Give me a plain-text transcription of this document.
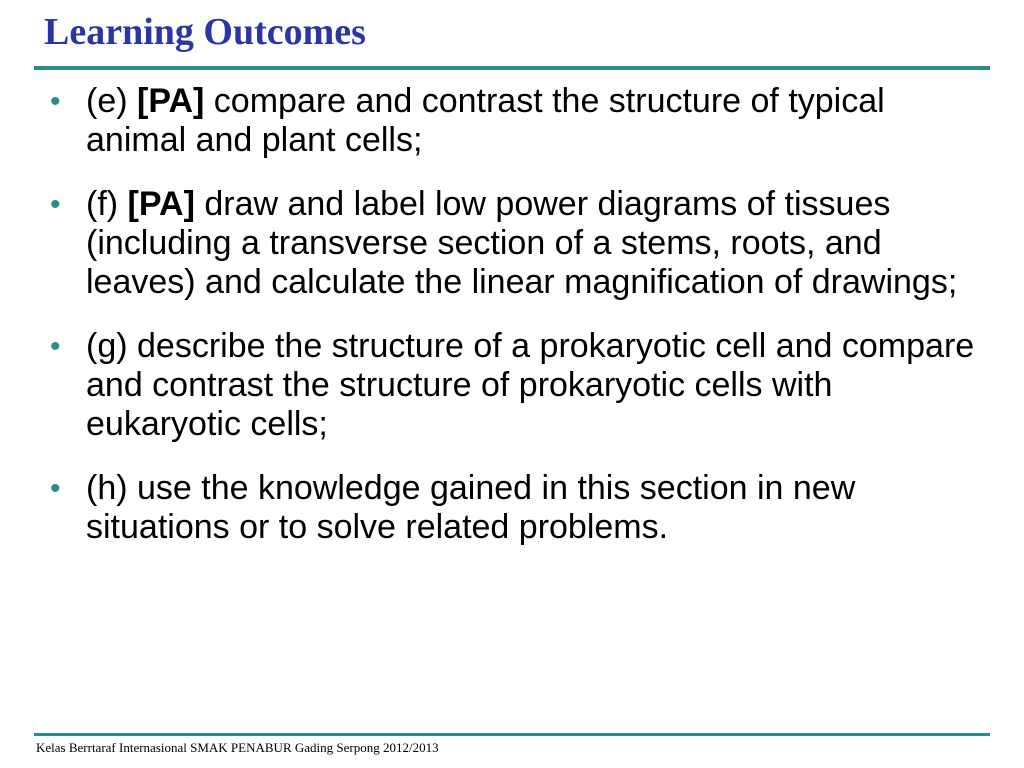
Learning Outcomes
• (e) [PA] compare and contrast the structure of typical animal and plant cells;
• (f) [PA] draw and label low power diagrams of tissues (including a transverse section of a stems, roots, and leaves) and calculate the linear magnification of drawings;
• (g) describe the structure of a prokaryotic cell and compare and contrast the structure of prokaryotic cells with eukaryotic cells;
• (h) use the knowledge gained in this section in new situations or to solve related problems.
Kelas Berrtaraf Internasional SMAK PENABUR Gading Serpong 2012/2013
